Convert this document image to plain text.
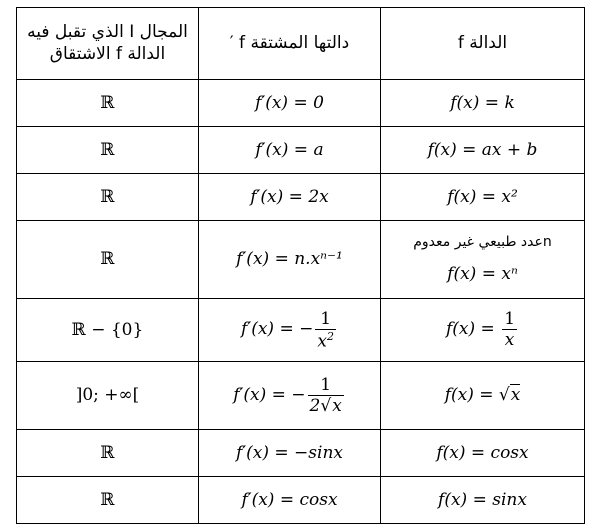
المجال I الذي تقبل فيه الدالة f الاشتقاق	دالتها المشتقة f ′	الدالة f
ℝ	f′(x) = 0	f(x) = k
ℝ	f′(x) = a	f(x) = ax + b
ℝ	f′(x) = 2x	f(x) = x²
ℝ	f′(x) = n.xⁿ⁻¹	nعدد طبيعي غير معدوم
f(x) = xⁿ
ℝ − {0}	f′(x) = − $\frac{1}{x^2}$	$f(x) = \frac{1}{x}$

]0; +∞[	f′(x) = − $\frac{1}{2√x}$	f(x) = √x
ℝ	f′(x) = −sinx	f(x) = cosx
ℝ	f′(x) = cosx	f(x) = sinx
